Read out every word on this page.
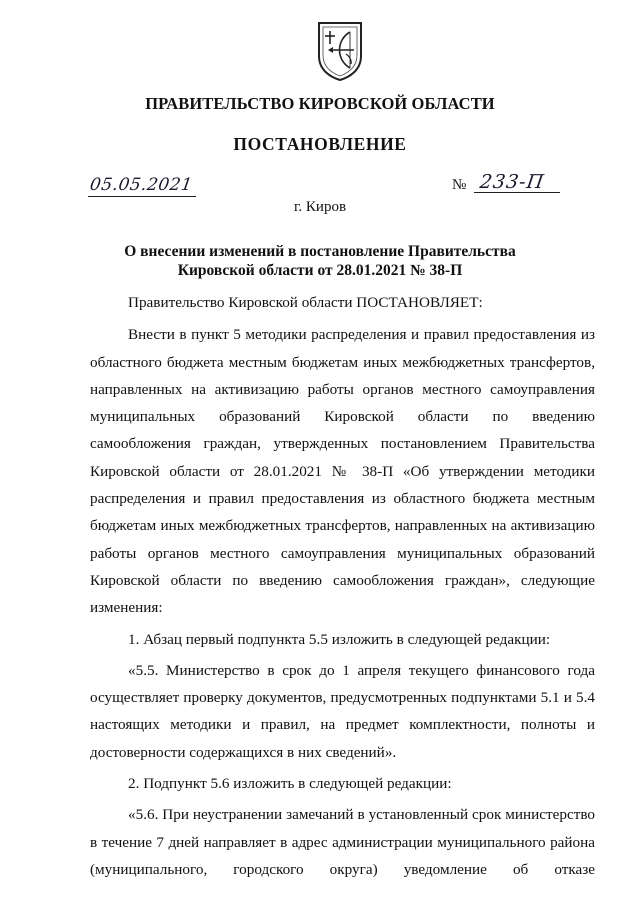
ПРАВИТЕЛЬСТВО КИРОВСКОЙ ОБЛАСТИ
ПОСТАНОВЛЕНИЕ
05.05.2021	№ 233-П
г. Киров
О внесении изменений в постановление Правительства
Кировской области от 28.01.2021 № 38-П

Правительство Кировской области ПОСТАНОВЛЯЕТ:

Внести в пункт 5 методики распределения и правил предоставления из областного бюджета местным бюджетам иных межбюджетных трансфертов, направленных на активизацию работы органов местного самоуправления муниципальных образований Кировской области по введению самообложения граждан, утвержденных постановлением Правительства Кировской области от 28.01.2021 № 38-П «Об утверждении методики распределения и правил предоставления из областного бюджета местным бюджетам иных межбюджетных трансфертов, направленных на активизацию работы органов местного самоуправления муниципальных образований Кировской области по введению самообложения граждан», следующие изменения:

1. Абзац первый подпункта 5.5 изложить в следующей редакции:

«5.5. Министерство в срок до 1 апреля текущего финансового года осуществляет проверку документов, предусмотренных подпунктами 5.1 и 5.4 настоящих методики и правил, на предмет комплектности, полноты и достоверности содержащихся в них сведений».

2. Подпункт 5.6 изложить в следующей редакции:

«5.6. При неустранении замечаний в установленный срок министерство в течение 7 дней направляет в адрес администрации муниципального района (муниципального, городского округа) уведомление об отказе
